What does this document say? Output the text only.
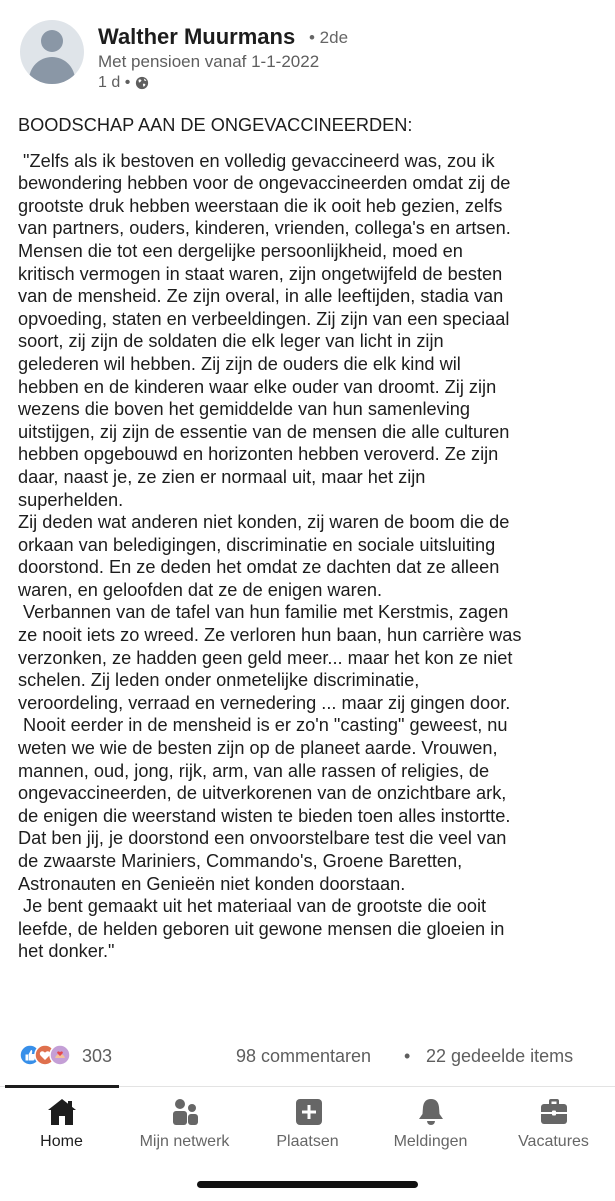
Walther Muurmans • 2de
Met pensioen vanaf 1-1-2022
1 d •
BOODSCHAP AAN DE ONGEVACCINEERDEN:
"Zelfs als ik bestoven en volledig gevaccineerd was, zou ik
bewondering hebben voor de ongevaccineerden omdat zij de
grootste druk hebben weerstaan die ik ooit heb gezien, zelfs
van partners, ouders, kinderen, vrienden, collega's en artsen.
Mensen die tot een dergelijke persoonlijkheid, moed en
kritisch vermogen in staat waren, zijn ongetwijfeld de besten
van de mensheid. Ze zijn overal, in alle leeftijden, stadia van
opvoeding, staten en verbeeldingen. Zij zijn van een speciaal
soort, zij zijn de soldaten die elk leger van licht in zijn
gelederen wil hebben. Zij zijn de ouders die elk kind wil
hebben en de kinderen waar elke ouder van droomt. Zij zijn
wezens die boven het gemiddelde van hun samenleving
uitstijgen, zij zijn de essentie van de mensen die alle culturen
hebben opgebouwd en horizonten hebben veroverd. Ze zijn
daar, naast je, ze zien er normaal uit, maar het zijn
superhelden.
Zij deden wat anderen niet konden, zij waren de boom die de
orkaan van beledigingen, discriminatie en sociale uitsluiting
doorstond. En ze deden het omdat ze dachten dat ze alleen
waren, en geloofden dat ze de enigen waren.
Verbannen van de tafel van hun familie met Kerstmis, zagen
ze nooit iets zo wreed. Ze verloren hun baan, hun carrière was
verzonken, ze hadden geen geld meer... maar het kon ze niet
schelen. Zij leden onder onmetelijke discriminatie,
veroordeling, verraad en vernedering ... maar zij gingen door.
Nooit eerder in de mensheid is er zo'n "casting" geweest, nu
weten we wie de besten zijn op de planeet aarde. Vrouwen,
mannen, oud, jong, rijk, arm, van alle rassen of religies, de
ongevaccineerden, de uitverkorenen van de onzichtbare ark,
de enigen die weerstand wisten te bieden toen alles instortte.
Dat ben jij, je doorstond een onvoorstelbare test die veel van
de zwaarste Mariniers, Commando's, Groene Baretten,
Astronauten en Genieën niet konden doorstaan.
Je bent gemaakt uit het materiaal van de grootste die ooit
leefde, de helden geboren uit gewone mensen die gloeien in
het donker."
303	98 commentaren • 22 gedeelde items
Home	Mijn netwerk	Plaatsen	Meldingen	Vacatures
